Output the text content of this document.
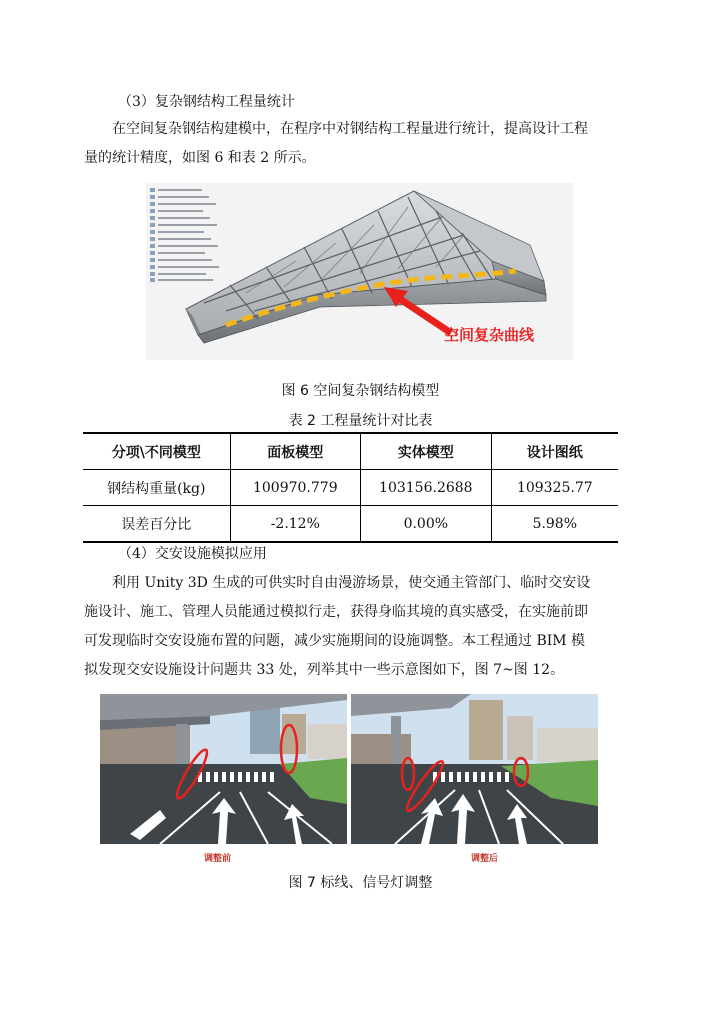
（3）复杂钢结构工程量统计
在空间复杂钢结构建模中，在程序中对钢结构工程量进行统计，提高设计工程
量的统计精度，如图 6 和表 2 所示。
空间复杂曲线
图 6 空间复杂钢结构模型
表 2 工程量统计对比表
分项\不同模型	面板模型	实体模型	设计图纸
钢结构重量(kg)	100970.779	103156.2688	109325.77
误差百分比	-2.12%	0.00%	5.98%
（4）交安设施模拟应用
利用 Unity 3D 生成的可供实时自由漫游场景，使交通主管部门、临时交安设
施设计、施工、管理人员能通过模拟行走，获得身临其境的真实感受，在实施前即
可发现临时交安设施布置的问题，减少实施期间的设施调整。本工程通过 BIM 模
拟发现交安设施设计问题共 33 处，列举其中一些示意图如下，图 7~图 12。
调整前	调整后
图 7 标线、信号灯调整
